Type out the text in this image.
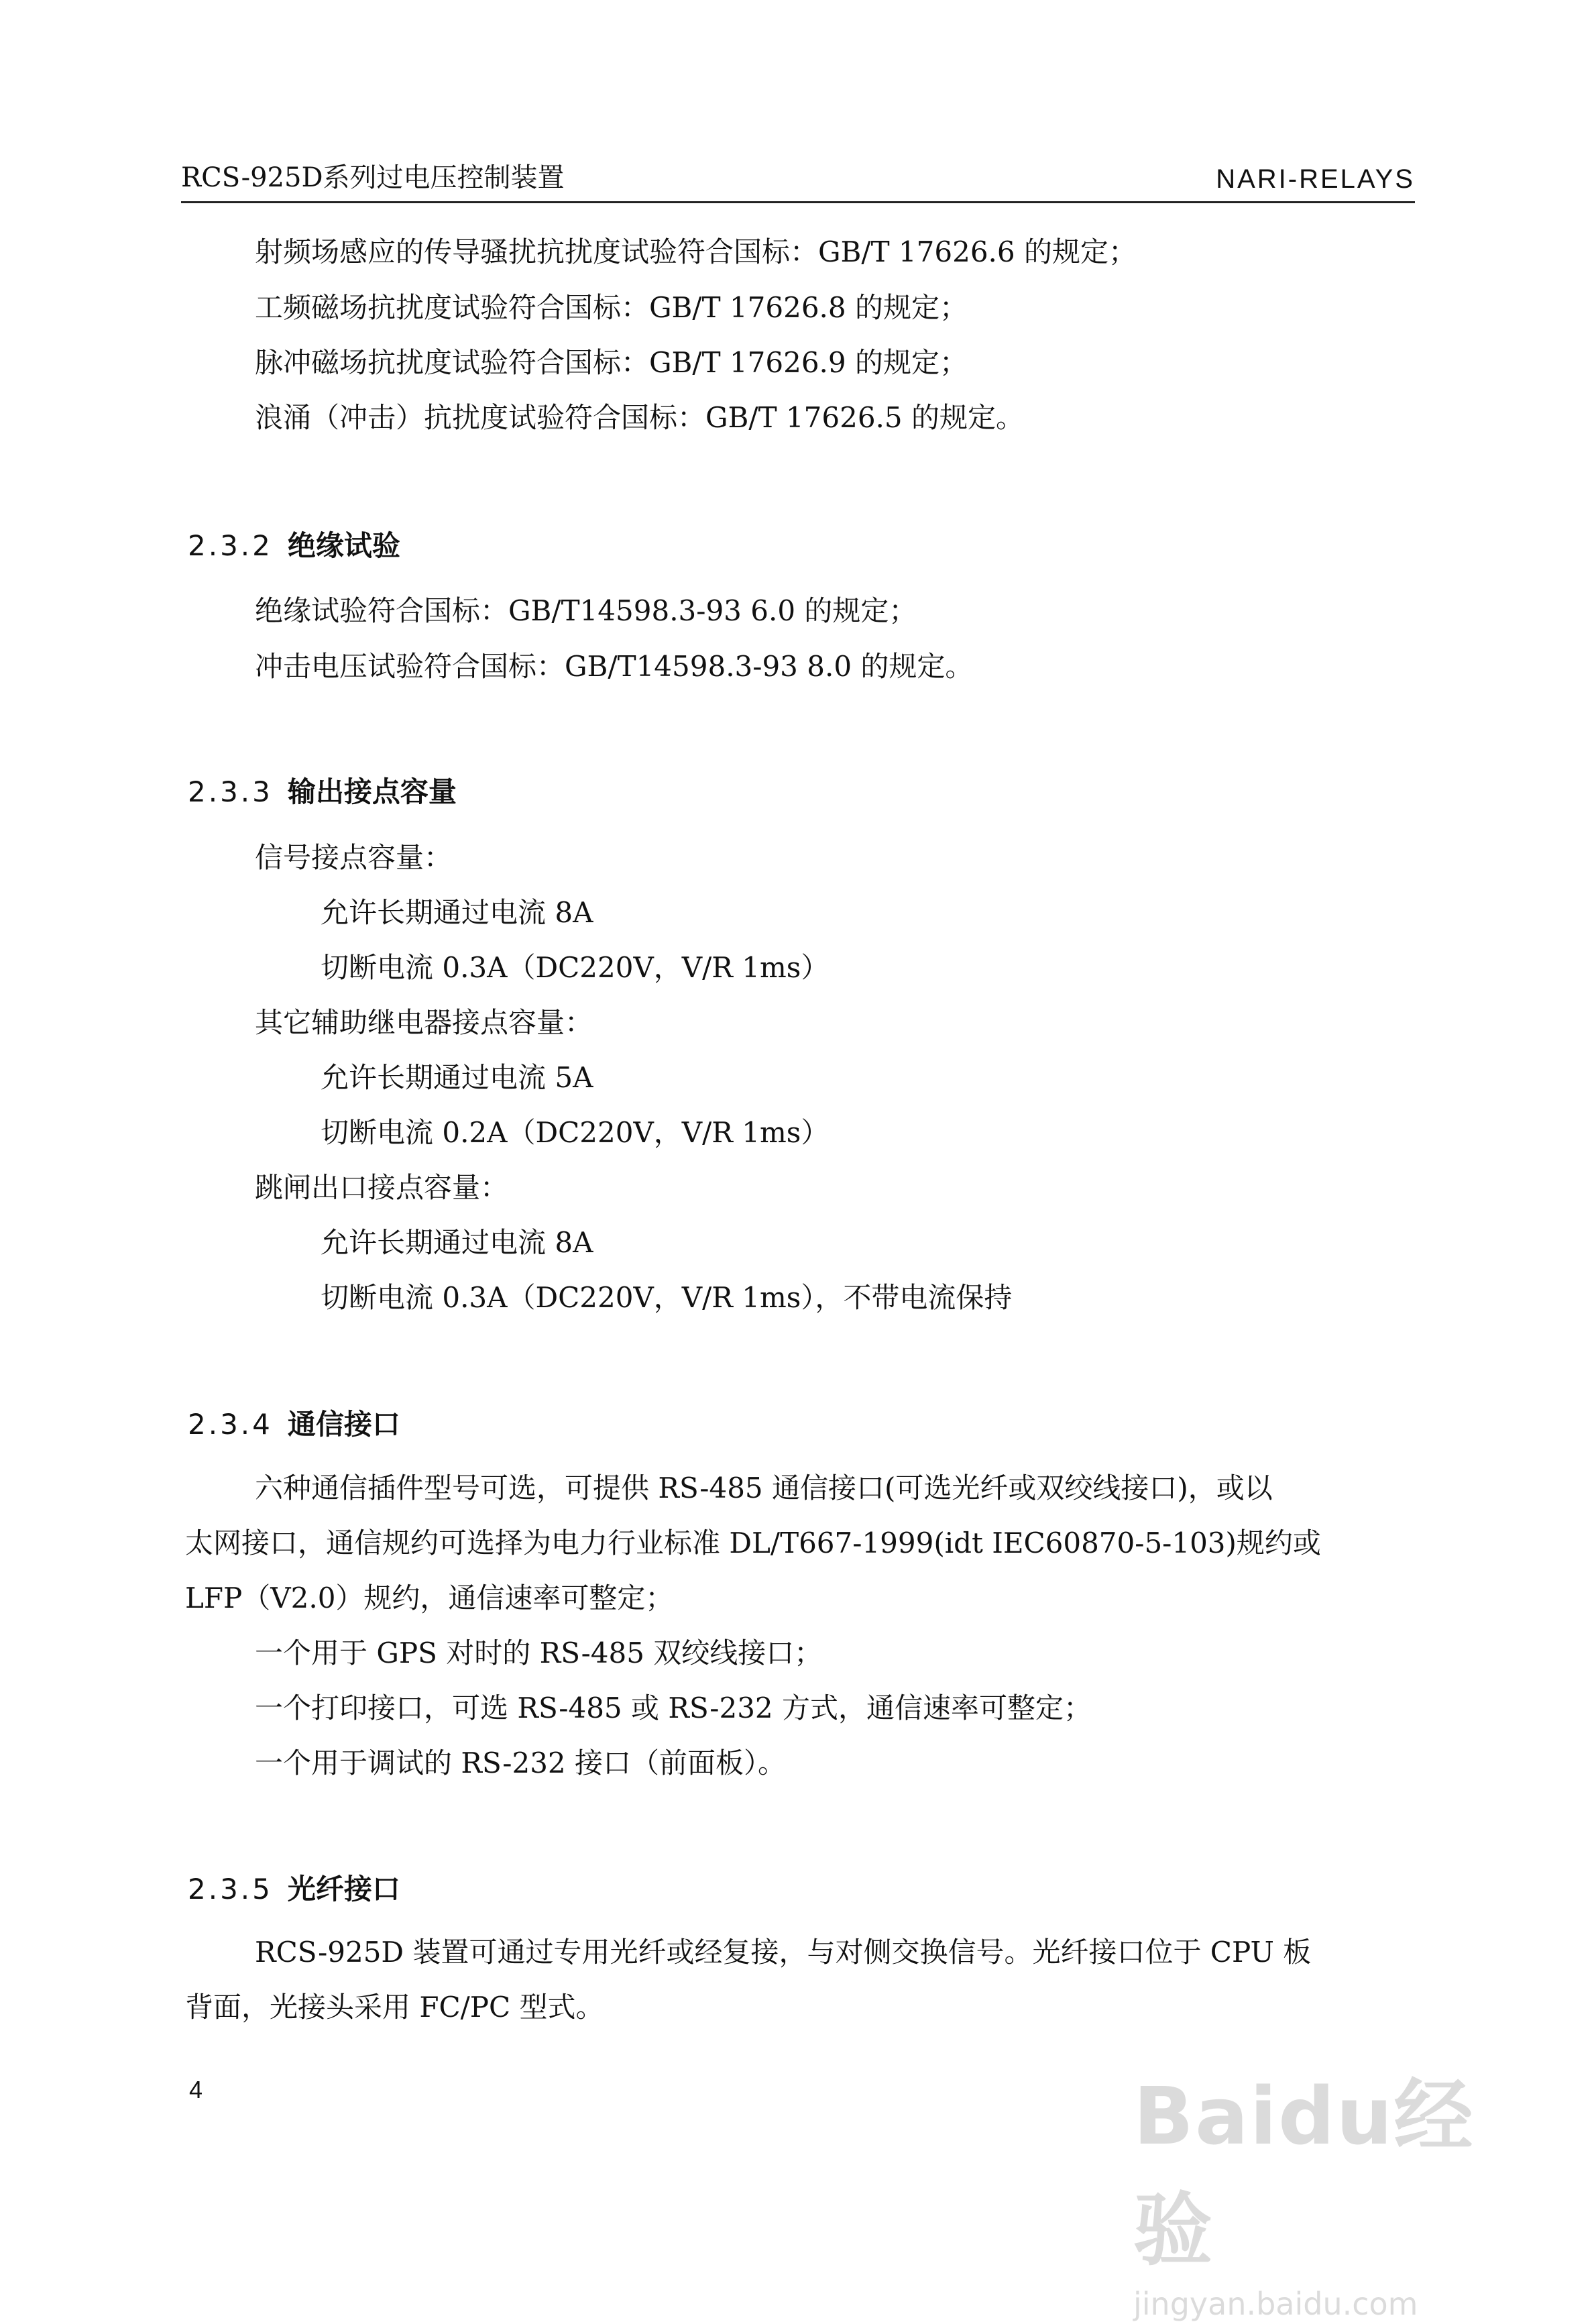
RCS-925D系列过电压控制装置	NARI-RELAYS
射频场感应的传导骚扰抗扰度试验符合国标：GB/T 17626.6 的规定；
工频磁场抗扰度试验符合国标：GB/T 17626.8 的规定；
脉冲磁场抗扰度试验符合国标：GB/T 17626.9 的规定；
浪涌（冲击）抗扰度试验符合国标：GB/T 17626.5 的规定。
2.3.2 绝缘试验
绝缘试验符合国标：GB/T14598.3-93 6.0 的规定；
冲击电压试验符合国标：GB/T14598.3-93 8.0 的规定。
2.3.3 输出接点容量
信号接点容量：
允许长期通过电流 8A
切断电流 0.3A（DC220V，V/R 1ms）
其它辅助继电器接点容量：
允许长期通过电流 5A
切断电流 0.2A（DC220V，V/R 1ms）
跳闸出口接点容量：
允许长期通过电流 8A
切断电流 0.3A（DC220V，V/R 1ms），不带电流保持
2.3.4 通信接口
六种通信插件型号可选，可提供 RS-485 通信接口(可选光纤或双绞线接口)，或以
太网接口，通信规约可选择为电力行业标准 DL/T667-1999(idt IEC60870-5-103)规约或
LFP（V2.0）规约，通信速率可整定；
一个用于 GPS 对时的 RS-485 双绞线接口；
一个打印接口，可选 RS-485 或 RS-232 方式，通信速率可整定；
一个用于调试的 RS-232 接口（前面板）。
2.3.5 光纤接口
RCS-925D 装置可通过专用光纤或经复接，与对侧交换信号。光纤接口位于 CPU 板
背面，光接头采用 FC/PC 型式。
4	Baidu经验
jingyan.baidu.com
